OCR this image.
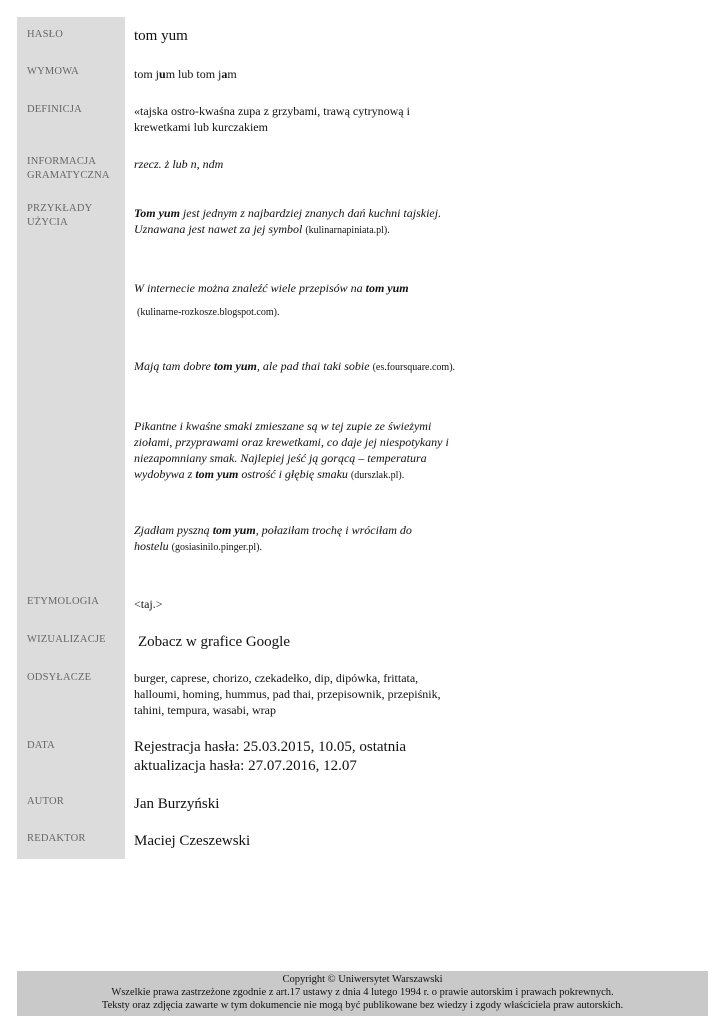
HASŁO
WYMOWA
DEFINICJA
INFORMACJA
GRAMATYCZNA
PRZYKŁADY
UŻYCIA
ETYMOLOGIA
WIZUALIZACJE
ODSYŁACZE
DATA
AUTOR
REDAKTOR
tom yum
tom jum lub tom jam
«tajska ostro-kwaśna zupa z grzybami, trawą cytrynową i krewetkami lub kurczakiem
rzecz. ż lub n, ndm
Tom yum jest jednym z najbardziej znanych dań kuchni tajskiej. Uznawana jest nawet za jej symbol (kulinarnapiniata.pl).
W internecie można znaleźć wiele przepisów na tom yum
(kulinarne-rozkosze.blogspot.com).
Mają tam dobre tom yum, ale pad thai taki sobie (es.foursquare.com).
Pikantne i kwaśne smaki zmieszane są w tej zupie ze świeżymi ziołami, przyprawami oraz krewetkami, co daje jej niespotykany i niezapomniany smak. Najlepiej jeść ją gorącą – temperatura wydobywa z tom yum ostrość i głębię smaku (durszlak.pl).
Zjadłam pyszną tom yum, połaziłam trochę i wróciłam do hostelu (gosiasinilo.pinger.pl).
<taj.>
Zobacz w grafice Google
burger, caprese, chorizo, czekadełko, dip, dipówka, frittata, halloumi, homing, hummus, pad thai, przepisownik, przepiśnik, tahini, tempura, wasabi, wrap
Rejestracja hasła: 25.03.2015, 10.05, ostatnia aktualizacja hasła: 27.07.2016, 12.07
Jan Burzyński
Maciej Czeszewski
Copyright © Uniwersytet Warszawski
Wszelkie prawa zastrzeżone zgodnie z art.17 ustawy z dnia 4 lutego 1994 r. o prawie autorskim i prawach pokrewnych.
Teksty oraz zdjęcia zawarte w tym dokumencie nie mogą być publikowane bez wiedzy i zgody właściciela praw autorskich.
